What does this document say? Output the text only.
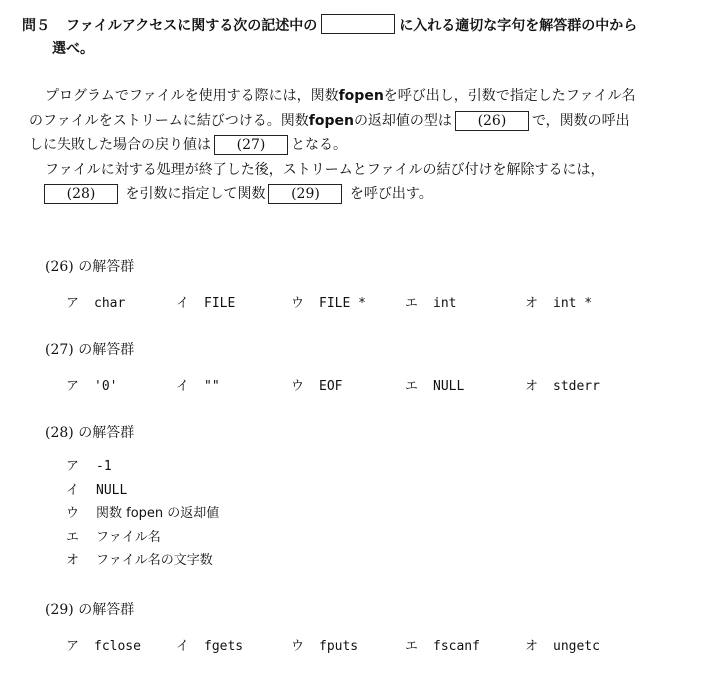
問５ ファイルアクセスに関する次の記述中の	に入れる適切な字句を解答群の中から
選べ。

プログラムでファイルを使用する際には，関数fopenを呼び出し，引数で指定したファイル名

のファイルをストリームに結びつける。関数fopenの返却値の型は (26) で，関数の呼出

しに失敗した場合の戻り値は (27) となる。

ファイルに対する処理が終了した後，ストリームとファイルの結び付けを解除するには，

(28) を引数に指定して関数 (29) を呼び出す。

(26) の解答群
ア char	イ FILE	ウ FILE *	エ int	オ int *
(27) の解答群
ア '0'	イ ""	ウ EOF	エ NULL	オ stderr
(28) の解答群
ア -1
イ NULL
ウ 関数 fopen の返却値
エ ファイル名
オ ファイル名の文字数
(29) の解答群
ア fclose	イ fgets	ウ fputs	エ fscanf	オ ungetc
